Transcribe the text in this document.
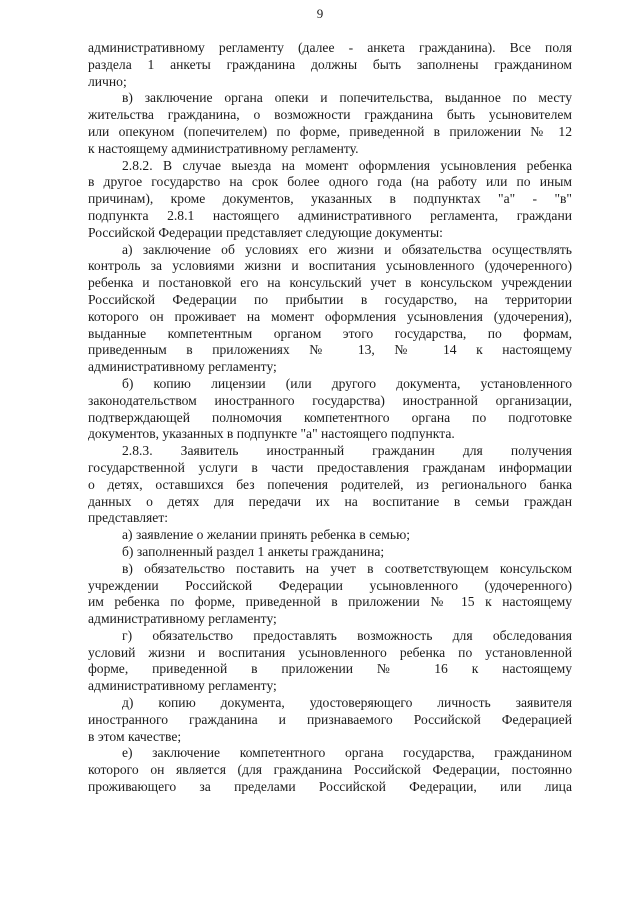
9
административному регламенту (далее - анкета гражданина). Все поля
раздела 1 анкеты гражданина должны быть заполнены гражданином
лично;
в) заключение органа опеки и попечительства, выданное по месту
жительства гражданина, о возможности гражданина быть усыновителем
или опекуном (попечителем) по форме, приведенной в приложении № 12
к настоящему административному регламенту.
2.8.2. В случае выезда на момент оформления усыновления ребенка
в другое государство на срок более одного года (на работу или по иным
причинам), кроме документов, указанных в подпунктах "а" - "в"
подпункта 2.8.1 настоящего административного регламента, граждани
Российской Федерации представляет следующие документы:
а) заключение об условиях его жизни и обязательства осуществлять
контроль за условиями жизни и воспитания усыновленного (удочеренного)
ребенка и постановкой его на консульский учет в консульском учреждении
Российской Федерации по прибытии в государство, на территории
которого он проживает на момент оформления усыновления (удочерения),
выданные компетентным органом этого государства, по формам,
приведенным в приложениях № 13, № 14 к настоящему
административному регламенту;
б) копию лицензии (или другого документа, установленного
законодательством иностранного государства) иностранной организации,
подтверждающей полномочия компетентного органа по подготовке
документов, указанных в подпункте "а" настоящего подпункта.
2.8.3. Заявитель иностранный гражданин для получения
государственной услуги в части предоставления гражданам информации
о детях, оставшихся без попечения родителей, из регионального банка
данных о детях для передачи их на воспитание в семьи граждан
представляет:
а) заявление о желании принять ребенка в семью;
б) заполненный раздел 1 анкеты гражданина;
в) обязательство поставить на учет в соответствующем консульском
учреждении Российской Федерации усыновленного (удочеренного)
им ребенка по форме, приведенной в приложении № 15 к настоящему
административному регламенту;
г) обязательство предоставлять возможность для обследования
условий жизни и воспитания усыновленного ребенка по установленной
форме, приведенной в приложении № 16 к настоящему
административному регламенту;
д) копию документа, удостоверяющего личность заявителя
иностранного гражданина и признаваемого Российской Федерацией
в этом качестве;
е) заключение компетентного органа государства, гражданином
которого он является (для гражданина Российской Федерации, постоянно
проживающего за пределами Российской Федерации, или лица
